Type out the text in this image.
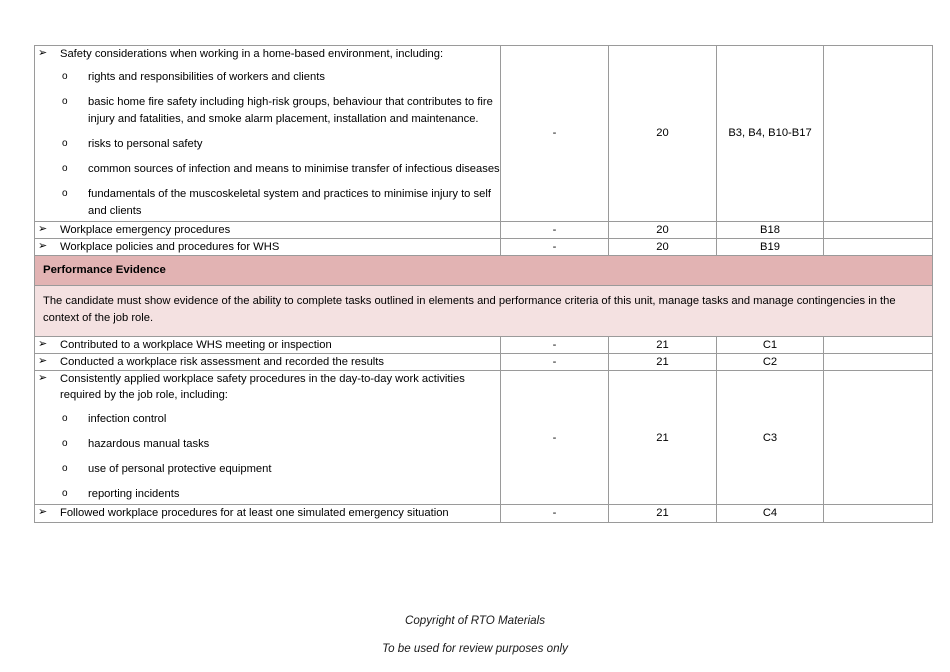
➢ Safety considerations when working in a home-based environment, including:
o rights and responsibilities of workers and clients
o basic home fire safety including high-risk groups, behaviour that contributes to fire injury and fatalities, and smoke alarm placement, installation and maintenance.
o risks to personal safety
o common sources of infection and means to minimise transfer of infectious diseases
o fundamentals of the muscoskeletal system and practices to minimise injury to self and clients
	-	20	B3, B4, B10-B17	

➢ Workplace emergency procedures	-	20	B18	

➢ Workplace policies and procedures for WHS	-	20	B19	
Performance Evidence				
The candidate must show evidence of the ability to complete tasks outlined in elements and performance criteria of this unit, manage tasks and manage contingencies in the context of the job role.				

➢ Contributed to a workplace WHS meeting or inspection	-	21	C1	

➢ Conducted a workplace risk assessment and recorded the results	-	21	C2	

➢ Consistently applied workplace safety procedures in the day-to-day work activities required by the job role, including:
o infection control
o hazardous manual tasks
o use of personal protective equipment
o reporting incidents
	-	21	C3	

➢ Followed workplace procedures for at least one simulated emergency situation	-	21	C4	
Copyright of RTO Materials
To be used for review purposes only
